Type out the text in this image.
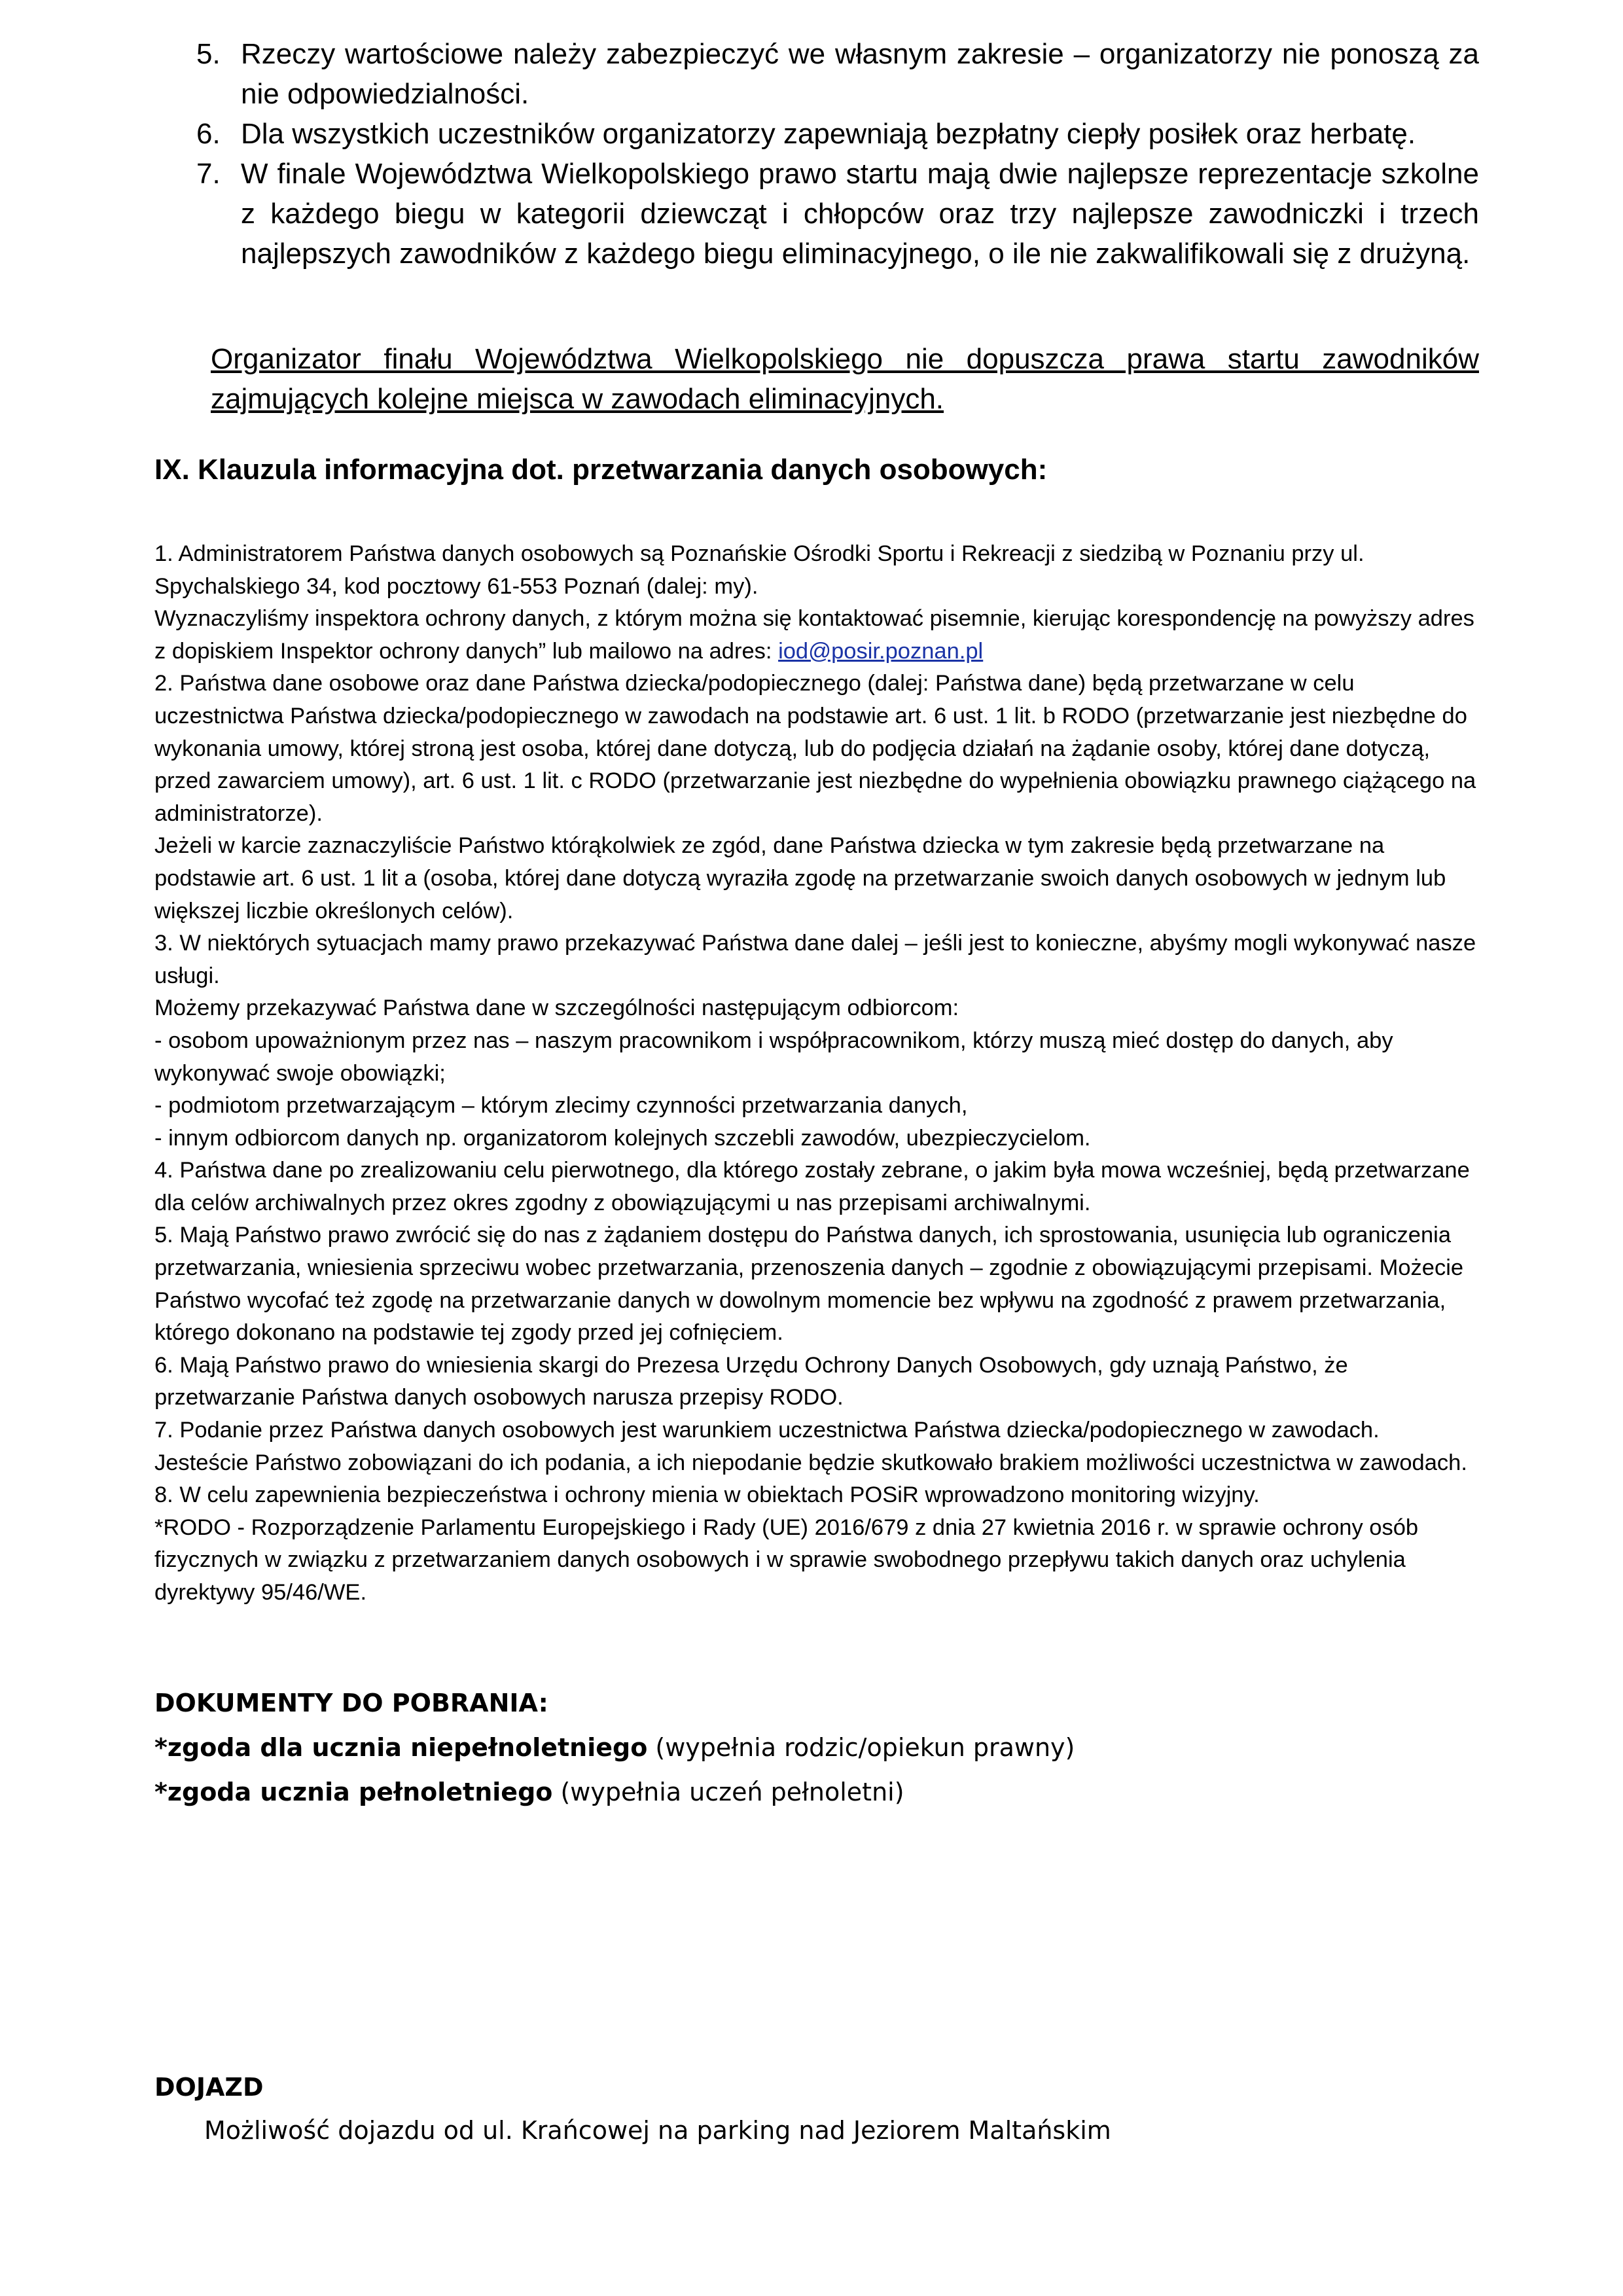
5. Rzeczy wartościowe należy zabezpieczyć we własnym zakresie – organizatorzy nie ponoszą za nie odpowiedzialności.
6. Dla wszystkich uczestników organizatorzy zapewniają bezpłatny ciepły posiłek oraz herbatę.
7. W finale Województwa Wielkopolskiego prawo startu mają dwie najlepsze reprezentacje szkolne z każdego biegu w kategorii dziewcząt i chłopców oraz trzy najlepsze zawodniczki i trzech najlepszych zawodników z każdego biegu eliminacyjnego, o ile nie zakwalifikowali się z drużyną.
Organizator finału Województwa Wielkopolskiego nie dopuszcza prawa startu zawodników zajmujących kolejne miejsca w zawodach eliminacyjnych.
IX. Klauzula informacyjna dot. przetwarzania danych osobowych:

1. Administratorem Państwa danych osobowych są Poznańskie Ośrodki Sportu i Rekreacji z siedzibą w Poznaniu przy ul. Spychalskiego 34, kod pocztowy 61-553 Poznań (dalej: my).

Wyznaczyliśmy inspektora ochrony danych, z którym można się kontaktować pisemnie, kierując korespondencję na powyższy adres z dopiskiem Inspektor ochrony danych” lub mailowo na adres: iod@posir.poznan.pl

2. Państwa dane osobowe oraz dane Państwa dziecka/podopiecznego (dalej: Państwa dane) będą przetwarzane w celu uczestnictwa Państwa dziecka/podopiecznego w zawodach na podstawie art. 6 ust. 1 lit. b RODO (przetwarzanie jest niezbędne do wykonania umowy, której stroną jest osoba, której dane dotyczą, lub do podjęcia działań na żądanie osoby, której dane dotyczą, przed zawarciem umowy), art. 6 ust. 1 lit. c RODO (przetwarzanie jest niezbędne do wypełnienia obowiązku prawnego ciążącego na administratorze).

Jeżeli w karcie zaznaczyliście Państwo którąkolwiek ze zgód, dane Państwa dziecka w tym zakresie będą przetwarzane na podstawie art. 6 ust. 1 lit a (osoba, której dane dotyczą wyraziła zgodę na przetwarzanie swoich danych osobowych w jednym lub większej liczbie określonych celów).

3. W niektórych sytuacjach mamy prawo przekazywać Państwa dane dalej – jeśli jest to konieczne, abyśmy mogli wykonywać nasze usługi.

Możemy przekazywać Państwa dane w szczególności następującym odbiorcom:

- osobom upoważnionym przez nas – naszym pracownikom i współpracownikom, którzy muszą mieć dostęp do danych, aby wykonywać swoje obowiązki;

- podmiotom przetwarzającym – którym zlecimy czynności przetwarzania danych,

- innym odbiorcom danych np. organizatorom kolejnych szczebli zawodów, ubezpieczycielom.

4. Państwa dane po zrealizowaniu celu pierwotnego, dla którego zostały zebrane, o jakim była mowa wcześniej, będą przetwarzane dla celów archiwalnych przez okres zgodny z obowiązującymi u nas przepisami archiwalnymi.

5. Mają Państwo prawo zwrócić się do nas z żądaniem dostępu do Państwa danych, ich sprostowania, usunięcia lub ograniczenia przetwarzania, wniesienia sprzeciwu wobec przetwarzania, przenoszenia danych – zgodnie z obowiązującymi przepisami. Możecie Państwo wycofać też zgodę na przetwarzanie danych w dowolnym momencie bez wpływu na zgodność z prawem przetwarzania, którego dokonano na podstawie tej zgody przed jej cofnięciem.

6. Mają Państwo prawo do wniesienia skargi do Prezesa Urzędu Ochrony Danych Osobowych, gdy uznają Państwo, że przetwarzanie Państwa danych osobowych narusza przepisy RODO.

7. Podanie przez Państwa danych osobowych jest warunkiem uczestnictwa Państwa dziecka/podopiecznego w zawodach. Jesteście Państwo zobowiązani do ich podania, a ich niepodanie będzie skutkowało brakiem możliwości uczestnictwa w zawodach.

8. W celu zapewnienia bezpieczeństwa i ochrony mienia w obiektach POSiR wprowadzono monitoring wizyjny.

*RODO - Rozporządzenie Parlamentu Europejskiego i Rady (UE) 2016/679 z dnia 27 kwietnia 2016 r. w sprawie ochrony osób fizycznych w związku z przetwarzaniem danych osobowych i w sprawie swobodnego przepływu takich danych oraz uchylenia dyrektywy 95/46/WE.

DOKUMENTY DO POBRANIA:

*zgoda dla ucznia niepełnoletniego (wypełnia rodzic/opiekun prawny)

*zgoda ucznia pełnoletniego (wypełnia uczeń pełnoletni)

DOJAZD

Możliwość dojazdu od ul. Krańcowej na parking nad Jeziorem Maltańskim
